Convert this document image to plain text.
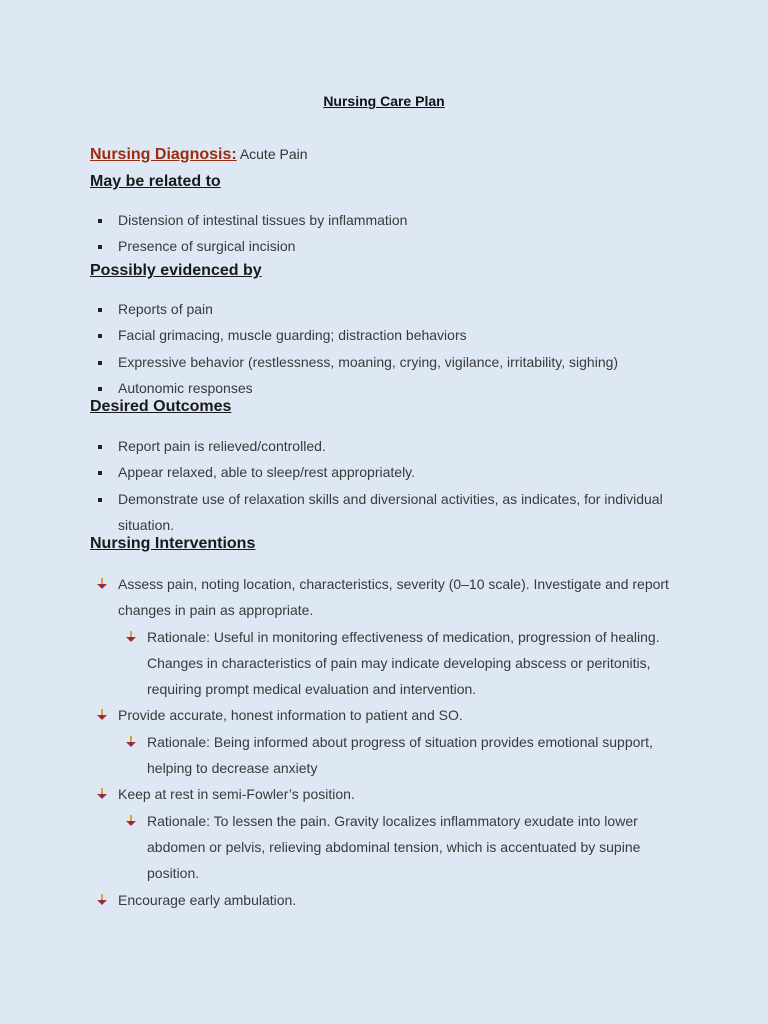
Nursing Care Plan
Nursing Diagnosis: Acute Pain
May be related to
Distension of intestinal tissues by inflammation
Presence of surgical incision
Possibly evidenced by
Reports of pain
Facial grimacing, muscle guarding; distraction behaviors
Expressive behavior (restlessness, moaning, crying, vigilance, irritability, sighing)
Autonomic responses
Desired Outcomes
Report pain is relieved/controlled.
Appear relaxed, able to sleep/rest appropriately.
Demonstrate use of relaxation skills and diversional activities, as indicates, for individual situation.
Nursing Interventions
Assess pain, noting location, characteristics, severity (0–10 scale). Investigate and report changes in pain as appropriate.
Rationale: Useful in monitoring effectiveness of medication, progression of healing. Changes in characteristics of pain may indicate developing abscess or peritonitis, requiring prompt medical evaluation and intervention.
Provide accurate, honest information to patient and SO.
Rationale: Being informed about progress of situation provides emotional support, helping to decrease anxiety
Keep at rest in semi-Fowler’s position.
Rationale: To lessen the pain. Gravity localizes inflammatory exudate into lower abdomen or pelvis, relieving abdominal tension, which is accentuated by supine position.
Encourage early ambulation.
